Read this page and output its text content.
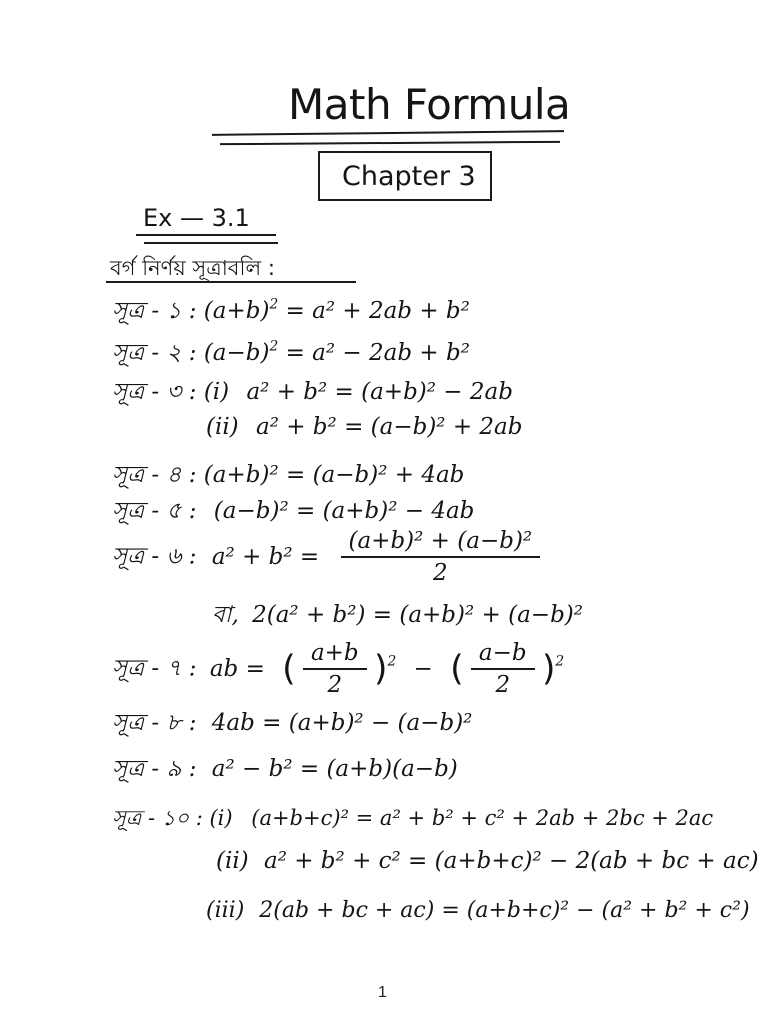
Math Formula
Chapter 3
Ex — 3.1
বর্গ নির্ণয় সূত্রাবলি :
সূত্র - ১ : $(a+b)^2 = a^2 + 2ab + b^2$
সূত্র - ২ : $(a-b)^2 = a^2 - 2ab + b^2$
সূত্র - ৩ : (i) a² + b² = (a+b)² − 2ab
(ii) a² + b² = (a−b)² + 2ab
সূত্র - ৪ : (a+b)² = (a−b)² + 4ab
সূত্র - ৫ : (a−b)² = (a+b)² − 4ab
সূত্র - ৬ : $a^2 + b^2 = \frac{\text{(a+b)² + (a−b)²}}{2}$
বা, 2(a² + b²) = (a+b)² + (a−b)²
সূত্র - ৭ : ab = ( $\frac{a+b}{2} )^2$ − ( $\frac{a-b}{2} )^2$
সূত্র - ৮ : 4ab = (a+b)² − (a−b)²
সূত্র - ৯ : a² − b² = (a+b)(a−b)
সূত্র - ১০ : (i) (a+b+c)² = a² + b² + c² + 2ab + 2bc + 2ac
(ii) a² + b² + c² = (a+b+c)² − 2(ab + bc + ac)
(iii) 2(ab + bc + ac) = (a+b+c)² − (a² + b² + c²)
1
